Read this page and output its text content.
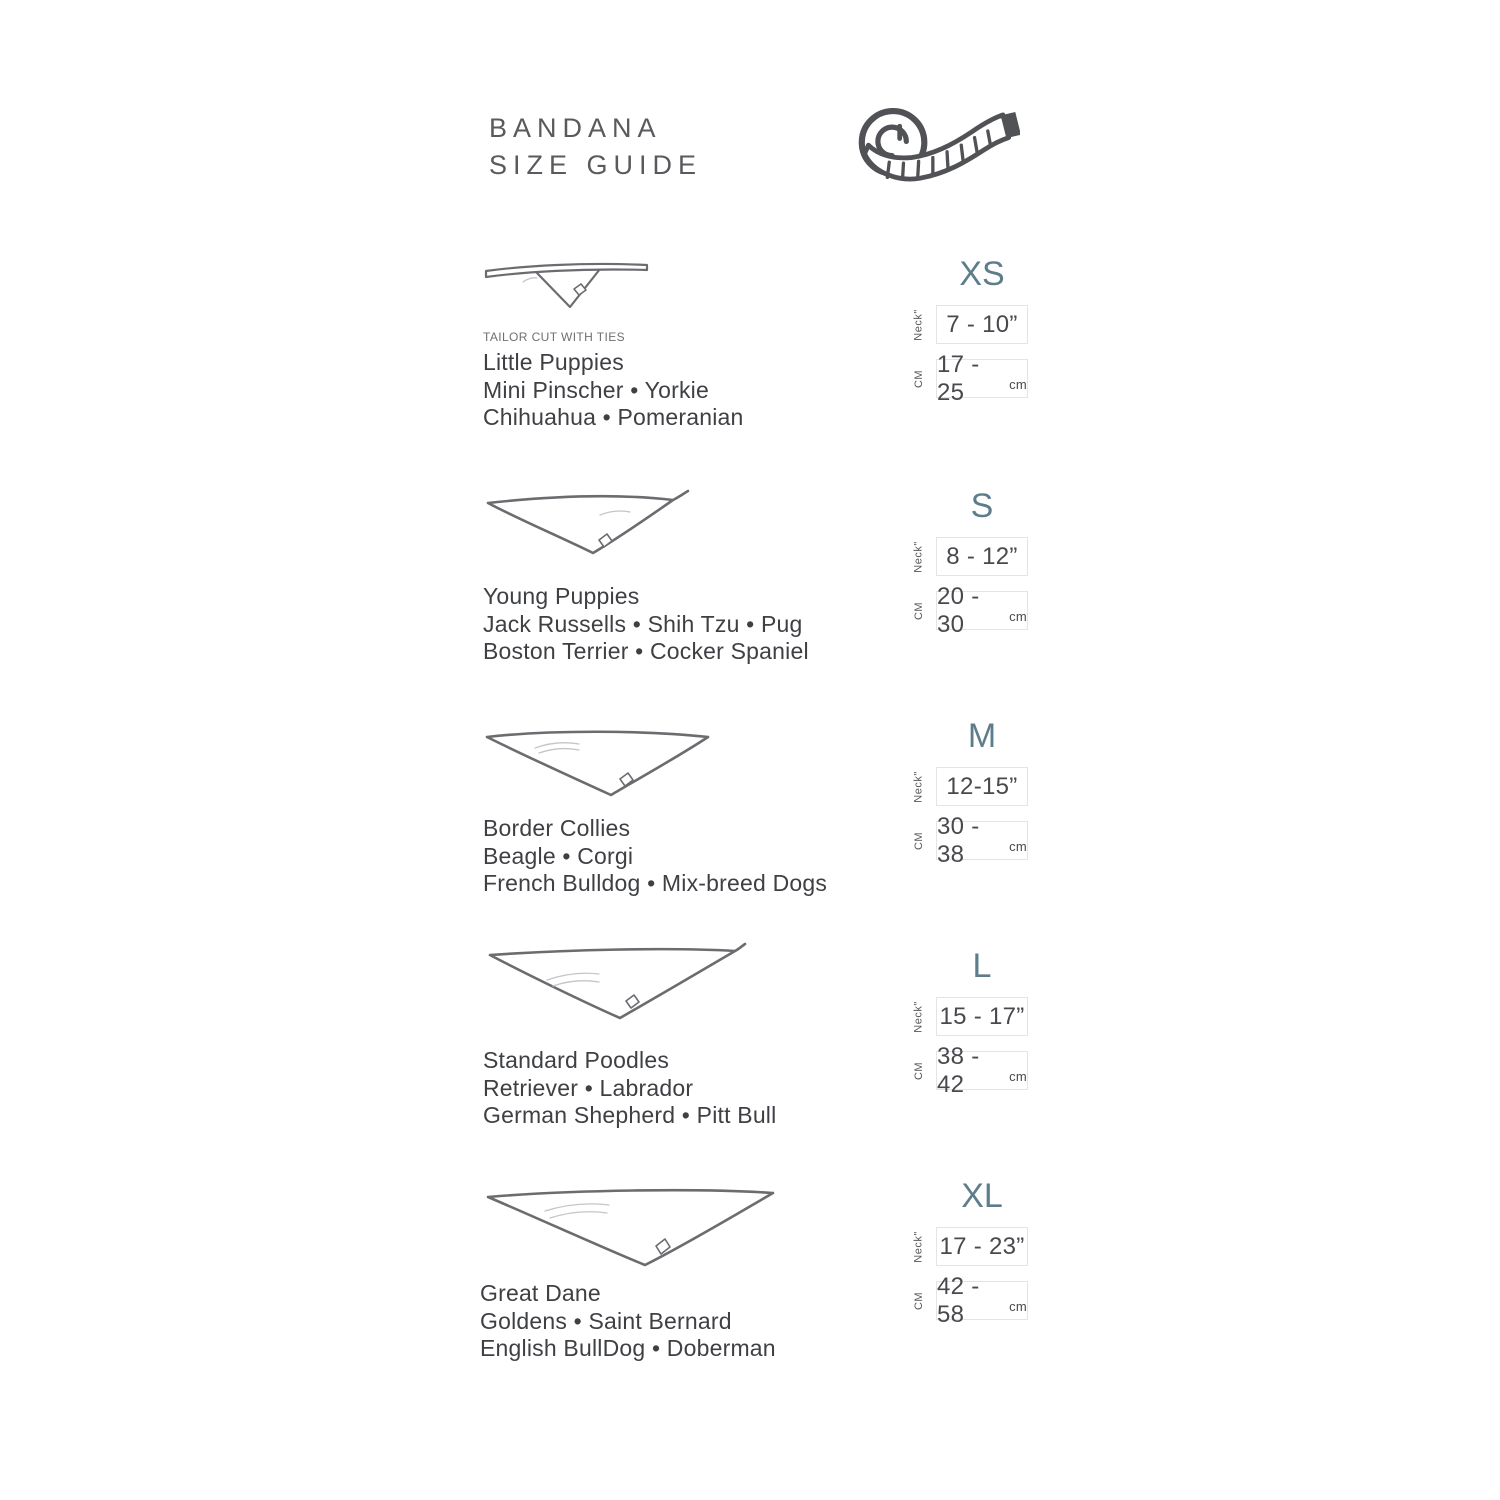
BANDANA
SIZE GUIDE
TAILOR CUT WITH TIES
Little Puppies
Mini Pinscher • Yorkie
Chihuahua • Pomeranian
XS
Neck" 7 - 10”
CM
17 - 25	cm
Young Puppies
Jack Russells • Shih Tzu • Pug
Boston Terrier • Cocker Spaniel
S
Neck" 8 - 12”
CM
20 - 30	cm
Border Collies
Beagle • Corgi
French Bulldog • Mix-breed Dogs
M
Neck" 12-15”
CM
30 - 38	cm
Standard Poodles
Retriever • Labrador
German Shepherd • Pitt Bull
L
Neck" 15 - 17”
CM
38 - 42	cm
Great Dane
Goldens • Saint Bernard
English BullDog • Doberman
XL
Neck" 17 - 23”
CM
42 - 58	cm
